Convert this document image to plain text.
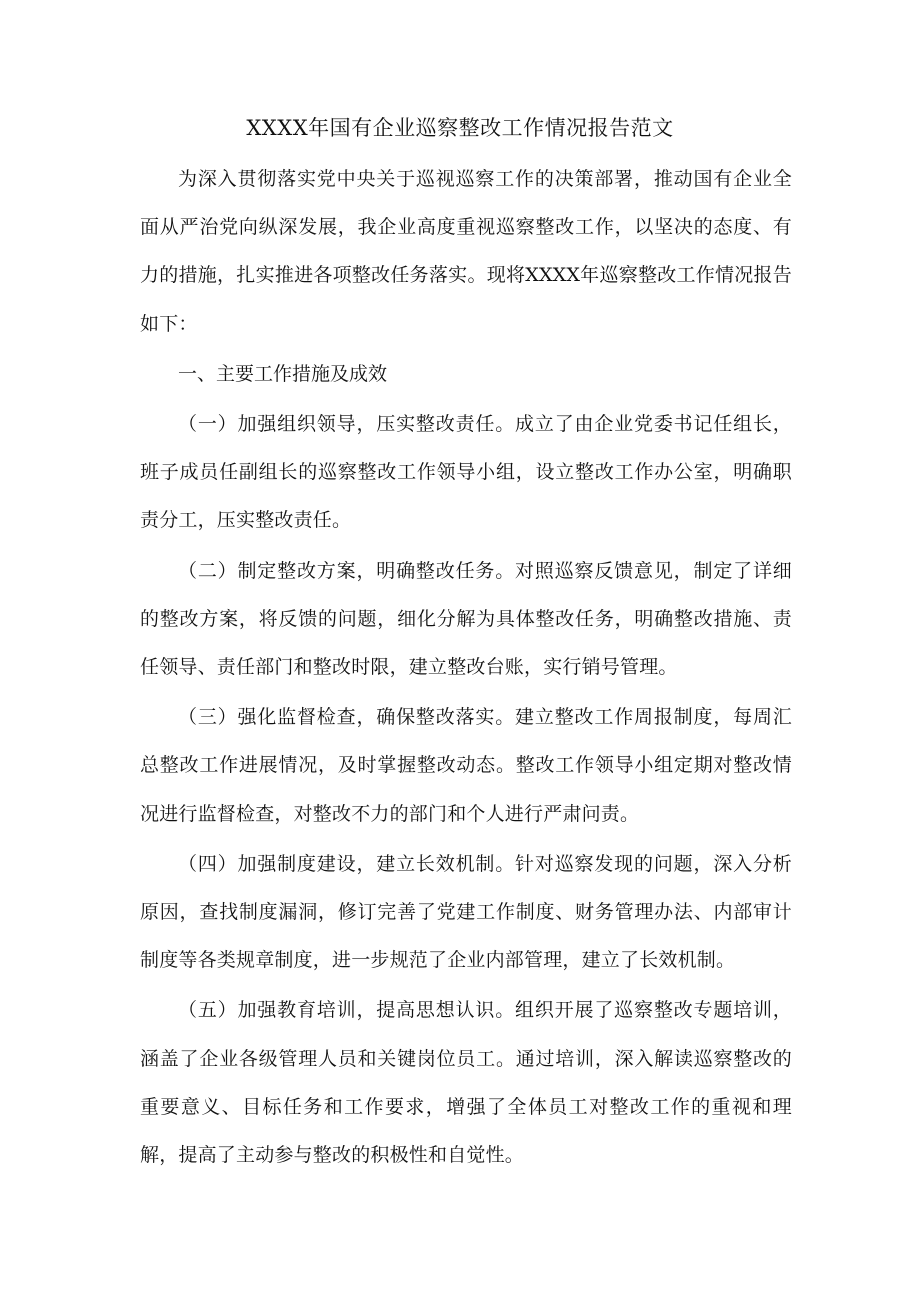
XXXX年国有企业巡察整改工作情况报告范文

为深入贯彻落实党中央关于巡视巡察工作的决策部署，推动国有企业全面从严治党向纵深发展，我企业高度重视巡察整改工作，以坚决的态度、有力的措施，扎实推进各项整改任务落实。现将XXXX年巡察整改工作情况报告如下：

一、主要工作措施及成效

（一）加强组织领导，压实整改责任。成立了由企业党委书记任组长，班子成员任副组长的巡察整改工作领导小组，设立整改工作办公室，明确职责分工，压实整改责任。

（二）制定整改方案，明确整改任务。对照巡察反馈意见，制定了详细的整改方案，将反馈的问题，细化分解为具体整改任务，明确整改措施、责任领导、责任部门和整改时限，建立整改台账，实行销号管理。

（三）强化监督检查，确保整改落实。建立整改工作周报制度，每周汇总整改工作进展情况，及时掌握整改动态。整改工作领导小组定期对整改情况进行监督检查，对整改不力的部门和个人进行严肃问责。

（四）加强制度建设，建立长效机制。针对巡察发现的问题，深入分析原因，查找制度漏洞，修订完善了党建工作制度、财务管理办法、内部审计制度等各类规章制度，进一步规范了企业内部管理，建立了长效机制。

（五）加强教育培训，提高思想认识。组织开展了巡察整改专题培训，涵盖了企业各级管理人员和关键岗位员工。通过培训，深入解读巡察整改的重要意义、目标任务和工作要求，增强了全体员工对整改工作的重视和理解，提高了主动参与整改的积极性和自觉性。
